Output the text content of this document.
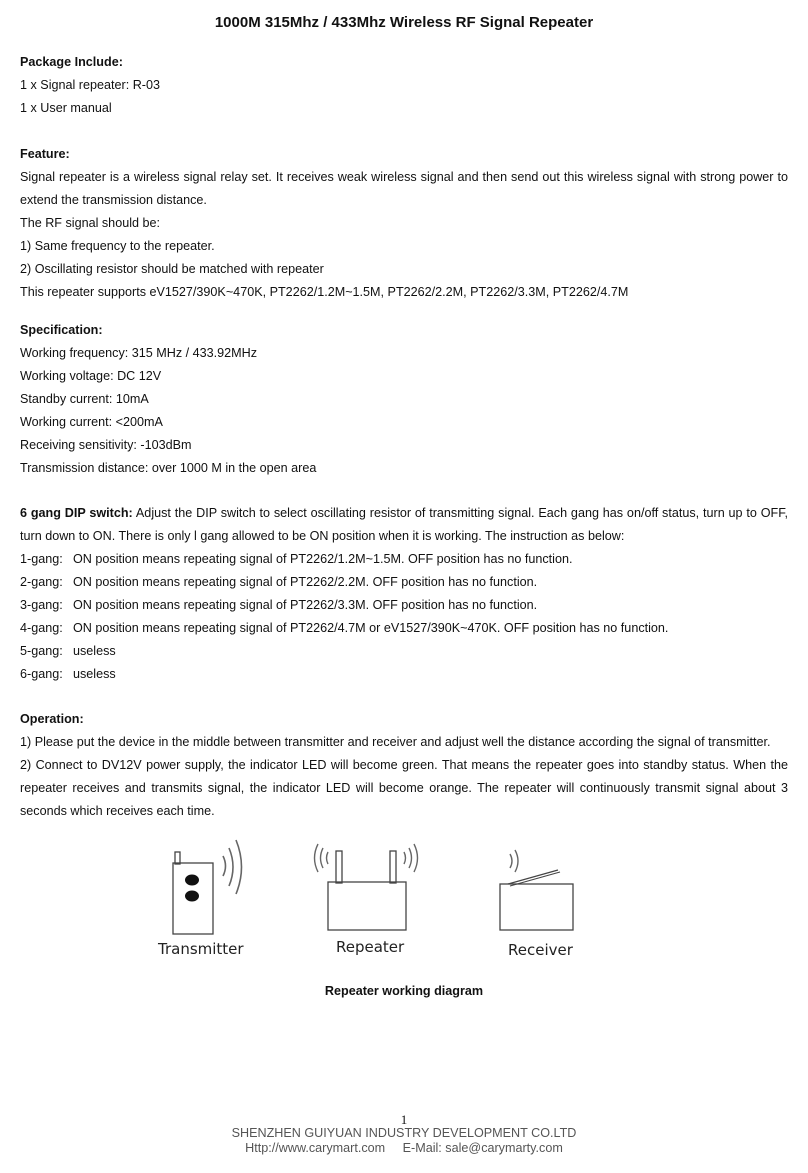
1000M 315Mhz / 433Mhz Wireless RF Signal Repeater
Package Include:
1 x Signal repeater: R-03
1 x User manual
Feature:
Signal repeater is a wireless signal relay set. It receives weak wireless signal and then send out this wireless signal with strong power to extend the transmission distance.
The RF signal should be:
1) Same frequency to the repeater.
2) Oscillating resistor should be matched with repeater
This repeater supports eV1527/390K~470K, PT2262/1.2M~1.5M, PT2262/2.2M, PT2262/3.3M, PT2262/4.7M
Specification:
Working frequency: 315 MHz / 433.92MHz
Working voltage: DC 12V
Standby current: 10mA
Working current: <200mA
Receiving sensitivity: -103dBm
Transmission distance: over 1000 M in the open area
6 gang DIP switch: Adjust the DIP switch to select oscillating resistor of transmitting signal. Each gang has on/off status, turn up to OFF, turn down to ON. There is only l gang allowed to be ON position when it is working. The instruction as below:
1-gang: ON position means repeating signal of PT2262/1.2M~1.5M. OFF position has no function.
2-gang: ON position means repeating signal of PT2262/2.2M. OFF position has no function.
3-gang: ON position means repeating signal of PT2262/3.3M. OFF position has no function.
4-gang: ON position means repeating signal of PT2262/4.7M or eV1527/390K~470K. OFF position has no function.
5-gang: useless
6-gang: useless
Operation:
1) Please put the device in the middle between transmitter and receiver and adjust well the distance according the signal of transmitter.
2) Connect to DV12V power supply, the indicator LED will become green. That means the repeater goes into standby status. When the repeater receives and transmits signal, the indicator LED will become orange. The repeater will continuously transmit signal about 3 seconds which receives each time.
Transmitter	Repeater	Receiver
Repeater working diagram
1
SHENZHEN GUIYUAN INDUSTRY DEVELOPMENT CO.LTD
Http://www.carymart.com     E-Mail: sale@carymarty.com
